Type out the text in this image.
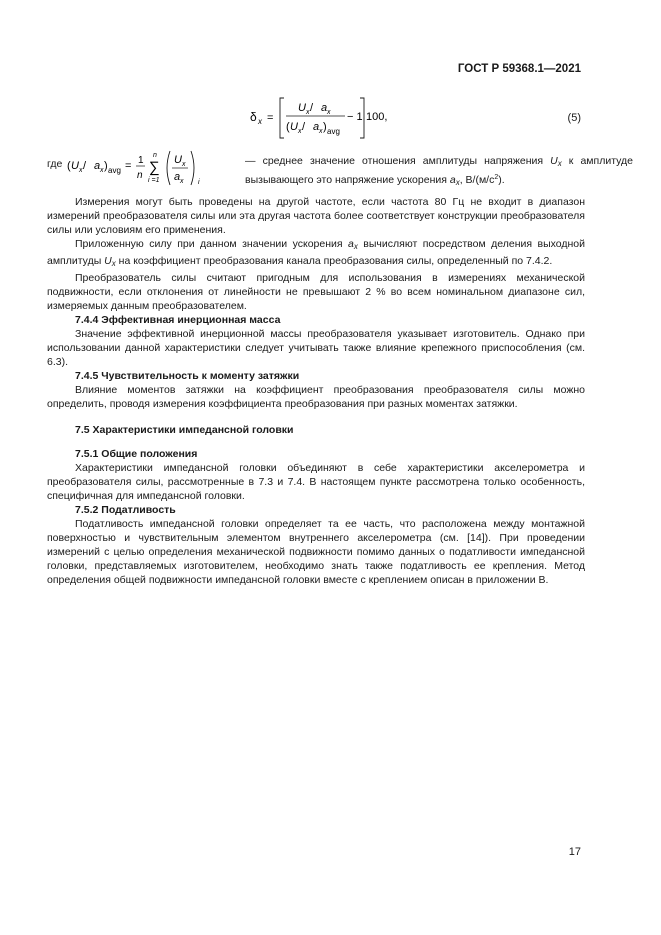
ГОСТ Р 59368.1—2021
δ x =
U x / a x
( U x / a x ) avg
− 1 100,	(5)
где ( U x / a x ) avg = 1
n ∑
n
i =1
U x
a x i
— среднее значение отношения амплитуды напряжения $U_x$ к амплитуде вызывающего это напряжение ускорения $a_x$, $В/(м/с^2)$.

Измерения могут быть проведены на другой частоте, если частота 80 Гц не входит в диапазон измерений преобразователя силы или эта другая частота более соответствует конструкции преобразователя силы или условиям его применения.

Приложенную силу при данном значении ускорения $a_x$ вычисляют посредством деления выходной амплитуды $U_x$ на коэффициент преобразования канала преобразования силы, определенный по 7.4.2.

Преобразователь силы считают пригодным для использования в измерениях механической подвижности, если отклонения от линейности не превышают 2 % во всем номинальном диапазоне сил, измеряемых данным преобразователем.

7.4.4 Эффективная инерционная масса

Значение эффективной инерционной массы преобразователя указывает изготовитель. Однако при использовании данной характеристики следует учитывать также влияние крепежного приспособления (см. 6.3).

7.4.5 Чувствительность к моменту затяжки

Влияние моментов затяжки на коэффициент преобразования преобразователя силы можно определить, проводя измерения коэффициента преобразования при разных моментах затяжки.

7.5 Характеристики импедансной головки
7.5.1 Общие положения

Характеристики импедансной головки объединяют в себе характеристики акселерометра и преобразователя силы, рассмотренные в 7.3 и 7.4. В настоящем пункте рассмотрена только особенность, специфичная для импедансной головки.

7.5.2 Податливость

Податливость импедансной головки определяет та ее часть, что расположена между монтажной поверхностью и чувствительным элементом внутреннего акселерометра (см. [14]). При проведении измерений с целью определения механической подвижности помимо данных о податливости импедансной головки, представляемых изготовителем, необходимо знать также податливость ее крепления. Метод определения общей подвижности импедансной головки вместе с креплением описан в приложении В.

17
